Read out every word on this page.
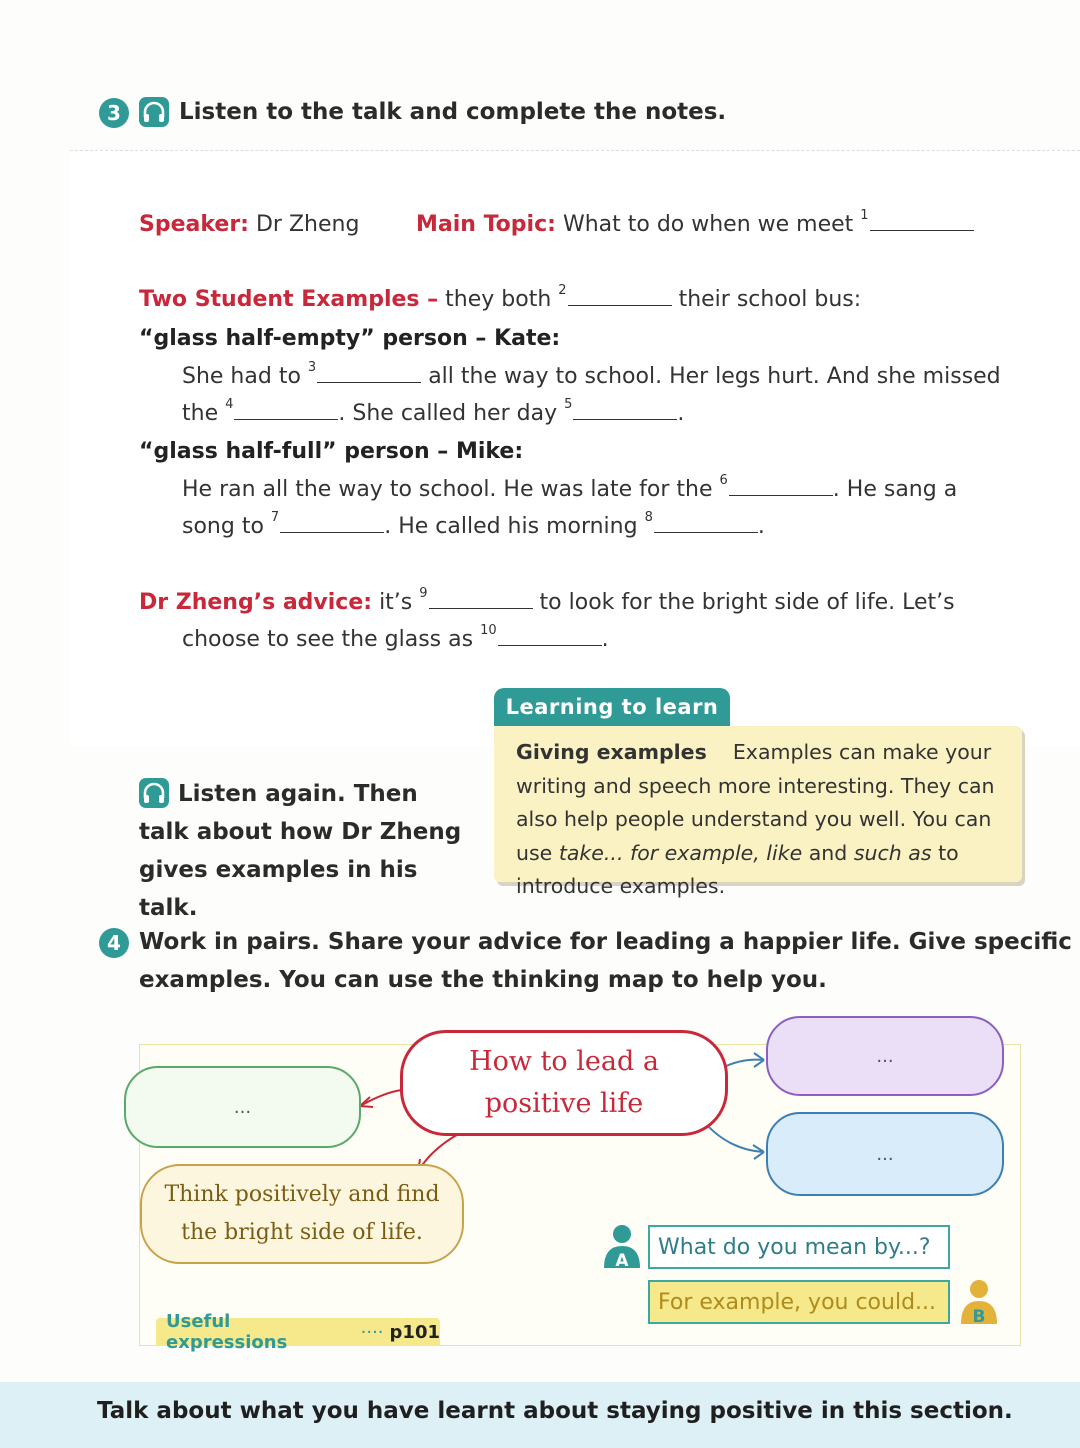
3	Listen to the talk and complete the notes.
Speaker: Dr Zheng	Main Topic: What to do when we meet $^1$
Two Student Examples – they both $^2$	their school bus:
“glass half-empty” person – Kate:
She had to $^3$	all the way to school. Her legs hurt. And she missed
the $^4$	. She called her day $^5$	.
“glass half-full” person – Mike:
He ran all the way to school. He was late for the $^6$	. He sang a
song to $^7$	. He called his morning $^8$	.
Dr Zheng’s advice: it’s $^9$	to look for the bright side of life. Let’s
choose to see the glass as $^{10}$	.
Learning to learn
Giving examples Examples can make your writing and speech more interesting. They can also help people understand you well. You can use take... for example, like and such as to introduce examples.
Listen again. Then talk about how Dr Zheng gives examples in his talk.
4 Work in pairs. Share your advice for leading a happier life. Give specific
examples. You can use the thinking map to help you.
How to lead a
positive life
...
...
...
Think positively and find
the bright side of life.
A
What do you mean by...?
For example, you could...
B
Useful expressions	···· p101
Talk about what you have learnt about staying positive in this section.
